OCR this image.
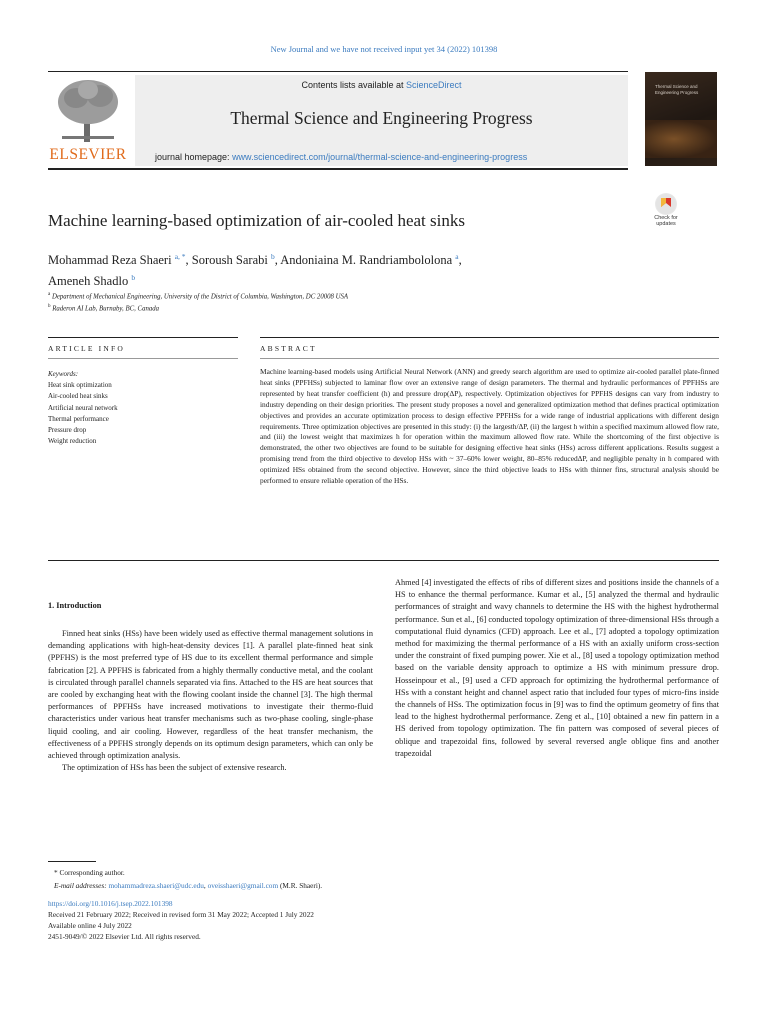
New Journal and we have not received input yet 34 (2022) 101398
ELSEVIER
Contents lists available at ScienceDirect
Thermal Science and Engineering Progress
journal homepage: www.sciencedirect.com/journal/thermal-science-and-engineering-progress
Thermal Science and Engineering Progress
Machine learning-based optimization of air-cooled heat sinks	Check for updates
Mohammad Reza Shaeri $^{a, *}$, Soroush Sarabi $^b$, Andoniaina M. Randriambololona $^a$,
Ameneh Shadlo $^b$
$^a$ Department of Mechanical Engineering, University of the District of Columbia, Washington, DC 20008 USA
$^b$ Raderon AI Lab, Burnaby, BC, Canada
ARTICLE INFO	ABSTRACT
Keywords:
Heat sink optimization
Air-cooled heat sinks
Artificial neural network
Thermal performance
Pressure drop
Weight reduction
Machine learning-based models using Artificial Neural Network (ANN) and greedy search algorithm are used to optimize air-cooled parallel plate-finned heat sinks (PPFHSs) subjected to laminar flow over an extensive range of design parameters. The thermal and hydraulic performances of PPFHSs are represented by heat transfer coefficient (h) and pressure drop(ΔP), respectively. Optimization objectives for PPFHS designs can vary from industry to industry depending on their design priorities. The present study proposes a novel and generalized optimization method that defines practical optimization objectives and provides an accurate optimization process to design effective PPFHSs for a wide range of industrial applications with different design requirements. Three optimization objectives are presented in this study: (i) the largesth/ΔP, (ii) the largest h within a specified maximum allowed flow rate, and (iii) the lowest weight that maximizes h for operation within the maximum allowed flow rate. While the shortcoming of the first objective is demonstrated, the other two objectives are found to be suitable for designing effective heat sinks (HSs) across different applications. Results suggest a promising trend from the third objective to develop HSs with ~ 37–60% lower weight, 80–85% reducedΔP, and negligible penalty in h compared with optimized HSs obtained from the second objective. However, since the third objective leads to HSs with thinner fins, structural analysis should be performed to ensure reliable operation of the HSs.
1. Introduction

Finned heat sinks (HSs) have been widely used as effective thermal management solutions in demanding applications with high-heat-density devices [1]. A parallel plate-finned heat sink (PPFHS) is the most preferred type of HS due to its excellent thermal performance and simple fabrication [2]. A PPFHS is fabricated from a highly thermally conductive metal, and the coolant is circulated through parallel channels separated via fins. Attached to the HS are heat sources that are cooled by exchanging heat with the flowing coolant inside the channel [3]. The high thermal performances of PPFHSs have increased motivations to investigate their thermo-fluid characteristics under various heat transfer mechanisms such as two-phase cooling, single-phase liquid cooling, and air cooling. However, regardless of the heat transfer mechanism, the effectiveness of a PPFHS strongly depends on its optimum design parameters, which can only be achieved through optimization analysis.

The optimization of HSs has been the subject of extensive research.

Ahmed [4] investigated the effects of ribs of different sizes and positions inside the channels of a HS to enhance the thermal performance. Kumar et al., [5] analyzed the thermal and hydraulic performances of straight and wavy channels to determine the HS with the highest hydrothermal performance. Sun et al., [6] conducted topology optimization of three-dimensional HSs through a computational fluid dynamics (CFD) approach. Lee et al., [7] adopted a topology optimization method for maximizing the thermal performance of a HS with an axially uniform cross-section under the constraint of fixed pumping power. Xie et al., [8] used a topology optimization method based on the variable density approach to optimize a HS with minimum pressure drop. Hosseinpour et al., [9] used a CFD approach for optimizing the hydrothermal performance of HSs with a constant height and channel aspect ratio that included four types of micro-fins inside the channels of HSs. The optimization focus in [9] was to find the optimum geometry of fins that lead to the highest hydrothermal performance. Zeng et al., [10] obtained a new fin pattern in a HS derived from topology optimization. The fin pattern was composed of several pieces of oblique and trapezoidal fins, followed by several reversed angle oblique fins and another trapezoidal

* Corresponding author.
E-mail addresses: mohammadreza.shaeri@udc.edu, oveisshaeri@gmail.com (M.R. Shaeri).
https://doi.org/10.1016/j.tsep.2022.101398
Received 21 February 2022; Received in revised form 31 May 2022; Accepted 1 July 2022
Available online 4 July 2022
2451-9049/© 2022 Elsevier Ltd. All rights reserved.
